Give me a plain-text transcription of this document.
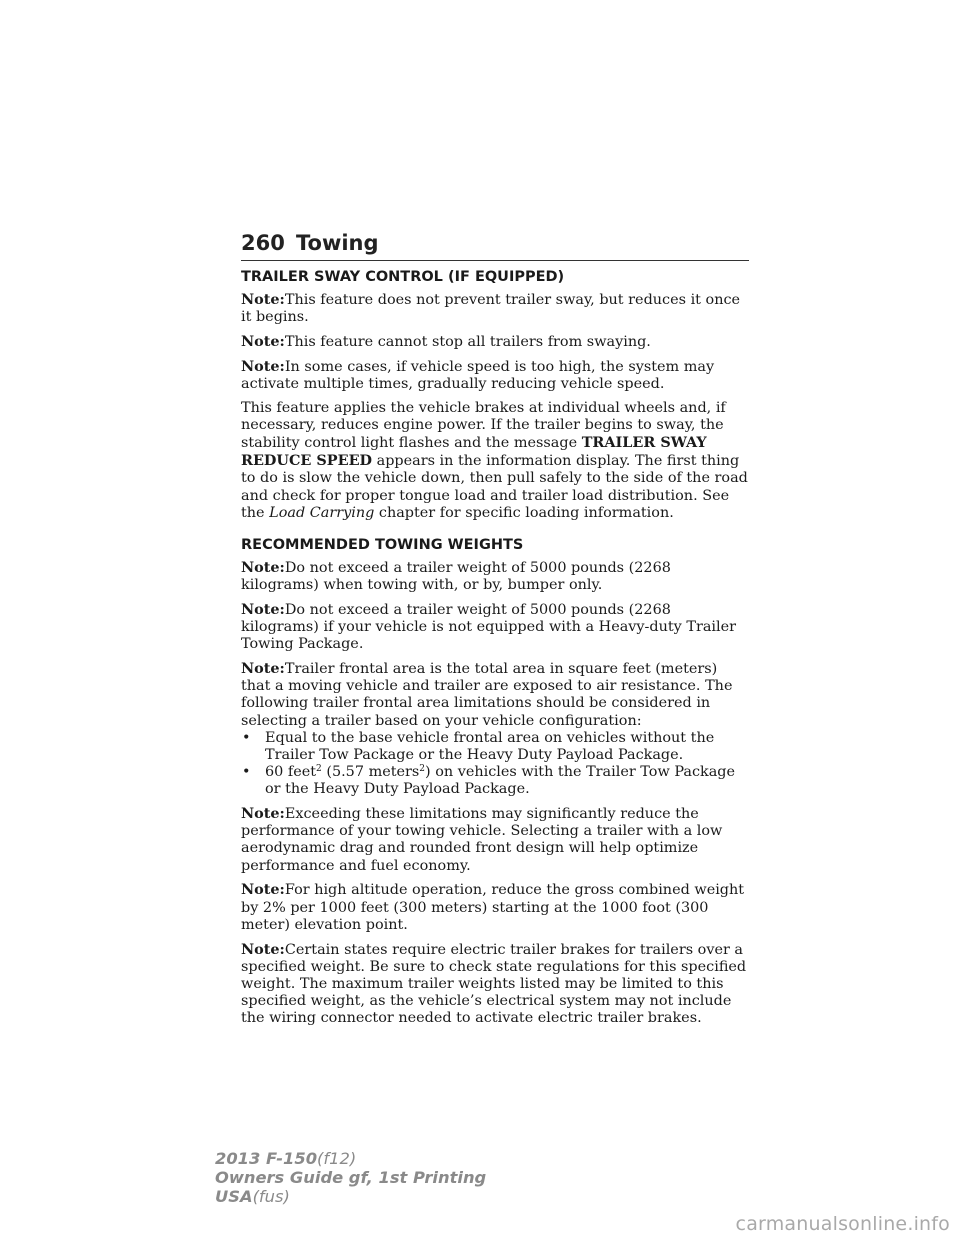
260 Towing
TRAILER SWAY CONTROL (IF EQUIPPED)

Note:This feature does not prevent trailer sway, but reduces it once it begins.

Note:This feature cannot stop all trailers from swaying.

Note:In some cases, if vehicle speed is too high, the system may activate multiple times, gradually reducing vehicle speed.

This feature applies the vehicle brakes at individual wheels and, if necessary, reduces engine power. If the trailer begins to sway, the stability control light flashes and the message TRAILER SWAY REDUCE SPEED appears in the information display. The first thing to do is slow the vehicle down, then pull safely to the side of the road and check for proper tongue load and trailer load distribution. See the Load Carrying chapter for specific loading information.

RECOMMENDED TOWING WEIGHTS

Note:Do not exceed a trailer weight of 5000 pounds (2268 kilograms) when towing with, or by, bumper only.

Note:Do not exceed a trailer weight of 5000 pounds (2268 kilograms) if your vehicle is not equipped with a Heavy-duty Trailer Towing Package.

Note:Trailer frontal area is the total area in square feet (meters) that a moving vehicle and trailer are exposed to air resistance. The following trailer frontal area limitations should be considered in selecting a trailer based on your vehicle configuration:

• Equal to the base vehicle frontal area on vehicles without the Trailer Tow Package or the Heavy Duty Payload Package.
• 60 feet$^2$ (5.57 meters$^2$) on vehicles with the Trailer Tow Package or the Heavy Duty Payload Package.

Note:Exceeding these limitations may significantly reduce the performance of your towing vehicle. Selecting a trailer with a low aerodynamic drag and rounded front design will help optimize performance and fuel economy.

Note:For high altitude operation, reduce the gross combined weight by 2% per 1000 feet (300 meters) starting at the 1000 foot (300 meter) elevation point.

Note:Certain states require electric trailer brakes for trailers over a specified weight. Be sure to check state regulations for this specified weight. The maximum trailer weights listed may be limited to this specified weight, as the vehicle’s electrical system may not include the wiring connector needed to activate electric trailer brakes.

2013 F-150(f12)
Owners Guide gf, 1st Printing
USA(fus)
carmanualsonline.info
